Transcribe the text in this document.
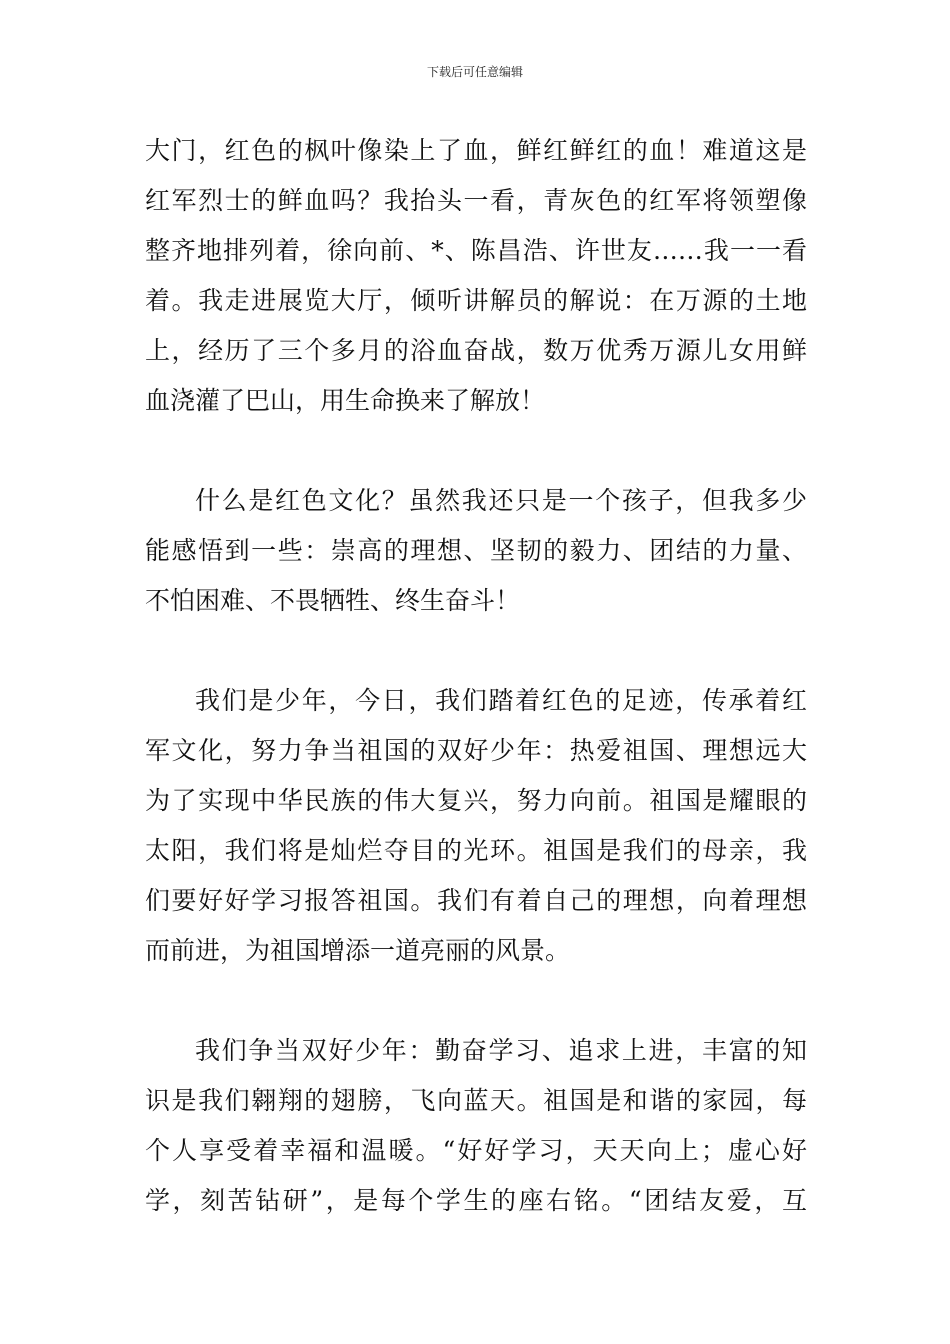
下载后可任意编辑

大门，红色的枫叶像染上了血，鲜红鲜红的血！难道这是
红军烈士的鲜血吗？我抬头一看，青灰色的红军将领塑像
整齐地排列着，徐向前、*、陈昌浩、许世友……我一一看
着。我走进展览大厅，倾听讲解员的解说：在万源的土地
上，经历了三个多月的浴血奋战，数万优秀万源儿女用鲜
血浇灌了巴山，用生命换来了解放！

什么是红色文化？虽然我还只是一个孩子，但我多少
能感悟到一些：崇高的理想、坚韧的毅力、团结的力量、
不怕困难、不畏牺牲、终生奋斗！

我们是少年，今日，我们踏着红色的足迹，传承着红
军文化，努力争当祖国的双好少年：热爱祖国、理想远大
为了实现中华民族的伟大复兴，努力向前。祖国是耀眼的
太阳，我们将是灿烂夺目的光环。祖国是我们的母亲，我
们要好好学习报答祖国。我们有着自己的理想，向着理想
而前进，为祖国增添一道亮丽的风景。

我们争当双好少年：勤奋学习、追求上进，丰富的知
识是我们翱翔的翅膀，飞向蓝天。祖国是和谐的家园，每
个人享受着幸福和温暖。“好好学习，天天向上；虚心好
学，刻苦钻研”，是每个学生的座右铭。“团结友爱，互
